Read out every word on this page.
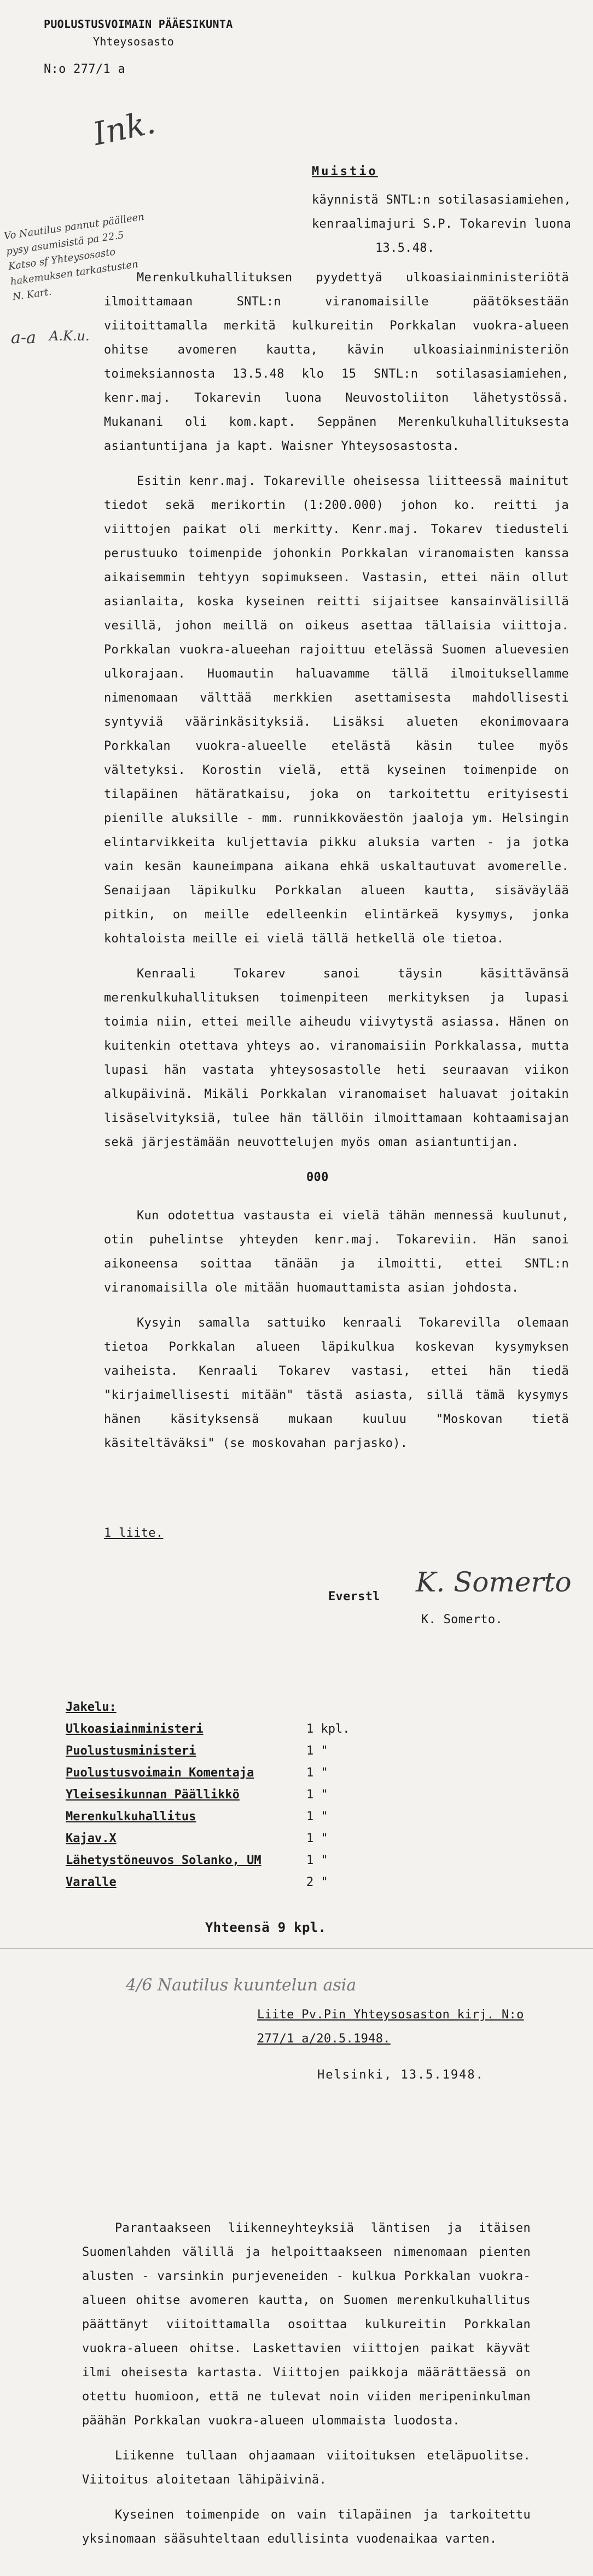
PUOLUSTUSVOIMAIN PÄÄESIKUNTA
Yhteysosasto
N:o 277/1 a
Ink.
Vo Nautilus pannut päälleen pysy asumisistä pa 22.5 Katso sf Yhteysosasto hakemuksen tarkastusten N. Kart.
a-a A.K.u.
Muistio
käynnistä SNTL:n sotilasasiamiehen,
kenraalimajuri S.P. Tokarevin luona
13.5.48.

Merenkulkuhallituksen pyydettyä ulkoasiainministeriötä ilmoittamaan SNTL:n viranomaisille päätöksestään viitoittamalla merkitä kulkureitin Porkkalan vuokra-alueen ohitse avomeren kautta, kävin ulkoasiainministeriön toimeksiannosta 13.5.48 klo 15 SNTL:n sotilasasiamiehen, kenr.maj. Tokarevin luona Neuvostoliiton lähetystössä. Mukanani oli kom.kapt. Seppänen Merenkulkuhallituksesta asiantuntijana ja kapt. Waisner Yhteysosastosta.

Esitin kenr.maj. Tokareville oheisessa liitteessä mainitut tiedot sekä merikortin (1:200.000) johon ko. reitti ja viittojen paikat oli merkitty. Kenr.maj. Tokarev tiedusteli perustuuko toimenpide johonkin Porkkalan viranomaisten kanssa aikaisemmin tehtyyn sopimukseen. Vastasin, ettei näin ollut asianlaita, koska kyseinen reitti sijaitsee kansainvälisillä vesillä, johon meillä on oikeus asettaa tällaisia viittoja. Porkkalan vuokra-alueehan rajoittuu etelässä Suomen aluevesien ulkorajaan. Huomautin haluavamme tällä ilmoituksellamme nimenomaan välttää merkkien asettamisesta mahdollisesti syntyviä väärinkäsityksiä. Lisäksi alueten ekonimovaara Porkkalan vuokra-alueelle etelästä käsin tulee myös vältetyksi. Korostin vielä, että kyseinen toimenpide on tilapäinen hätäratkaisu, joka on tarkoitettu erityisesti pienille aluksille - mm. runnikkoväestön jaaloja ym. Helsingin elintarvikkeita kuljettavia pikku aluksia varten - ja jotka vain kesän kauneimpana aikana ehkä uskaltautuvat avomerelle. Senaijaan läpikulku Porkkalan alueen kautta, sisäväylää pitkin, on meille edelleenkin elintärkeä kysymys, jonka kohtaloista meille ei vielä tällä hetkellä ole tietoa.

Kenraali Tokarev sanoi täysin käsittävänsä merenkulkuhallituksen toimenpiteen merkityksen ja lupasi toimia niin, ettei meille aiheudu viivytystä asiassa. Hänen on kuitenkin otettava yhteys ao. viranomaisiin Porkkalassa, mutta lupasi hän vastata yhteysosastolle heti seuraavan viikon alkupäivinä. Mikäli Porkkalan viranomaiset haluavat joitakin lisäselvityksiä, tulee hän tällöin ilmoittamaan kohtaamisajan sekä järjestämään neuvottelujen myös oman asiantuntijan.

000

Kun odotettua vastausta ei vielä tähän mennessä kuulunut, otin puhelintse yhteyden kenr.maj. Tokareviin. Hän sanoi aikoneensa soittaa tänään ja ilmoitti, ettei SNTL:n viranomaisilla ole mitään huomauttamista asian johdosta.

Kysyin samalla sattuiko kenraali Tokarevilla olemaan tietoa Porkkalan alueen läpikulkua koskevan kysymyksen vaiheista. Kenraali Tokarev vastasi, ettei hän tiedä "kirjaimellisesti mitään" tästä asiasta, sillä tämä kysymys hänen käsityksensä mukaan kuuluu "Moskovan tietä käsiteltäväksi" (se moskovahan parjasko).

1 liite.
Everstl K. Somerto
K. Somerto.
Jakelu:
Ulkoasiainministeri	1 kpl.
Puolustusministeri	1 "
Puolustusvoimain Komentaja	1 "
Yleisesikunnan Päällikkö	1 "
Merenkulkuhallitus	1 "
Kajav.X	1 "
Lähetystöneuvos Solanko, UM	1 "
Varalle	2 "
Yhteensä 9 kpl.
4/6 Nautilus kuuntelun asia
Liite Pv.Pin Yhteysosaston kirj. N:o
277/1 a/20.5.1948.
Helsinki, 13.5.1948.

Parantaakseen liikenneyhteyksiä läntisen ja itäisen Suomenlahden välillä ja helpoittaakseen nimenomaan pienten alusten - varsinkin purjeveneiden - kulkua Porkkalan vuokra-alueen ohitse avomeren kautta, on Suomen merenkulkuhallitus päättänyt viitoittamalla osoittaa kulkureitin Porkkalan vuokra-alueen ohitse. Laskettavien viittojen paikat käyvät ilmi oheisesta kartasta. Viittojen paikkoja määrättäessä on otettu huomioon, että ne tulevat noin viiden meripeninkulman päähän Porkkalan vuokra-alueen ulommaista luodosta.

Liikenne tullaan ohjaamaan viitoituksen eteläpuolitse. Viitoitus aloitetaan lähipäivinä.

Kyseinen toimenpide on vain tilapäinen ja tarkoitettu yksinomaan sääsuhteltaan edullisinta vuodenaikaa varten.
